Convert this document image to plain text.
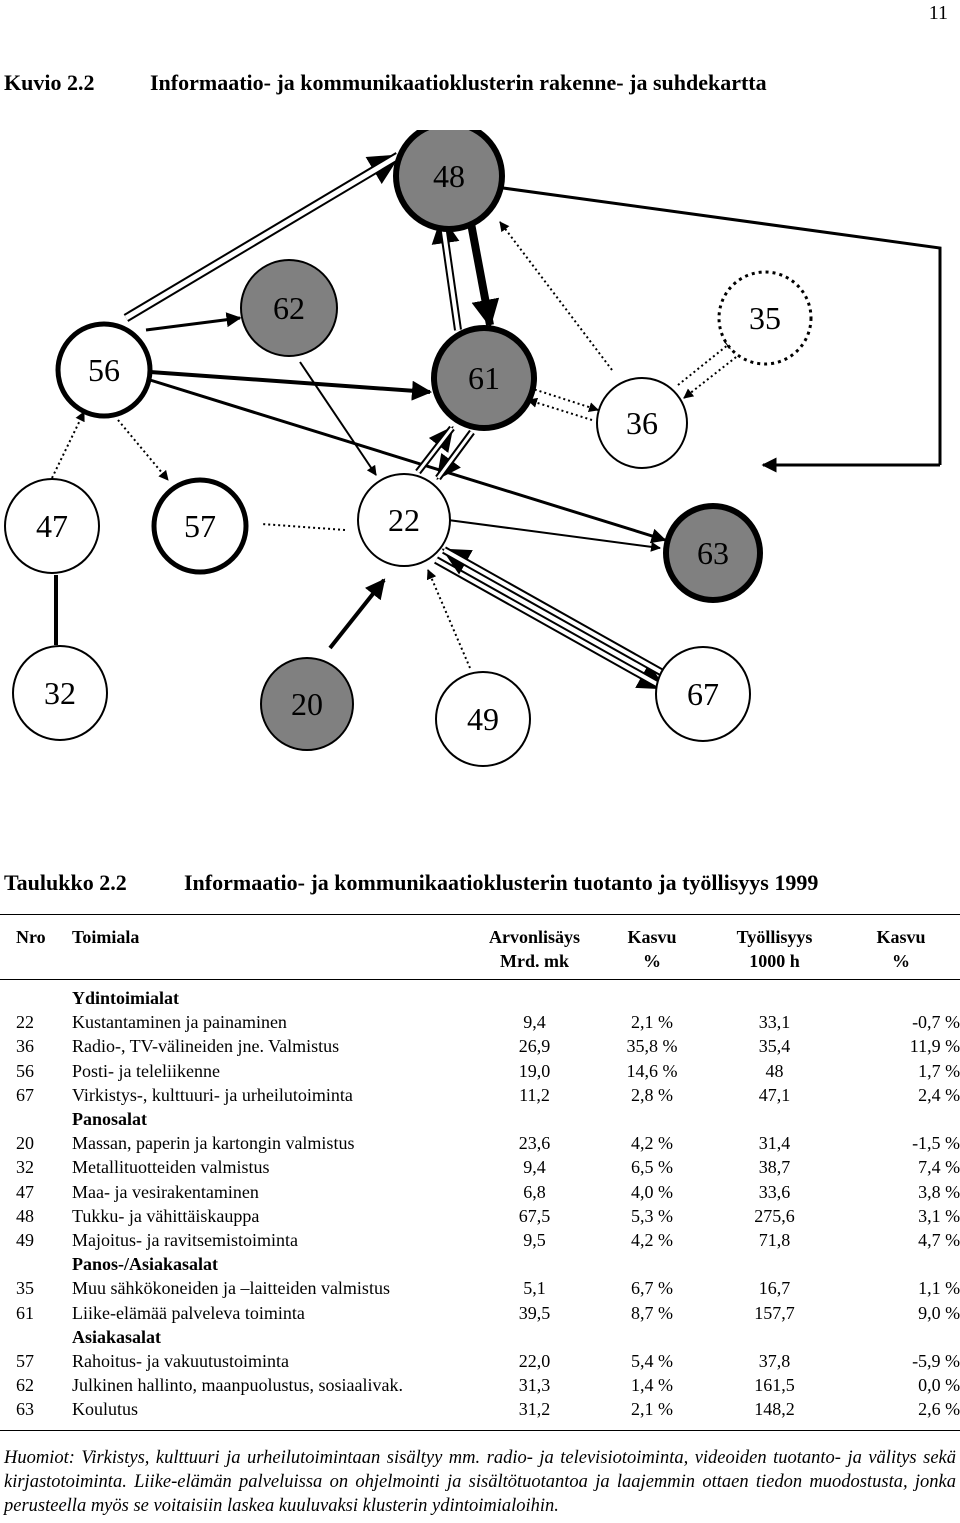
11
Kuvio 2.2	Informaatio- ja kommunikaatioklusterin rakenne- ja suhdekartta
48
62	35
56	61
36
47	57	22
63
32	20	49
67
Taulukko 2.2	Informaatio- ja kommunikaatioklusterin tuotanto ja työllisyys 1999
Nro	Toimiala	Arvonlisäys	Kasvu	Työllisyys	Kasvu
		Mrd. mk	%	1000 h	%
	Ydintoimialat				
22	Kustantaminen ja painaminen	9,4	2,1 %	33,1	-0,7 %
36	Radio-, TV-välineiden jne. Valmistus	26,9	35,8 %	35,4	11,9 %
56	Posti- ja teleliikenne	19,0	14,6 %	48	1,7 %
67	Virkistys-, kulttuuri- ja urheilutoiminta	11,2	2,8 %	47,1	2,4 %
	Panosalat				
20	Massan, paperin ja kartongin valmistus	23,6	4,2 %	31,4	-1,5 %
32	Metallituotteiden valmistus	9,4	6,5 %	38,7	7,4 %
47	Maa- ja vesirakentaminen	6,8	4,0 %	33,6	3,8 %
48	Tukku- ja vähittäiskauppa	67,5	5,3 %	275,6	3,1 %
49	Majoitus- ja ravitsemistoiminta	9,5	4,2 %	71,8	4,7 %
	Panos-/Asiakasalat				
35	Muu sähkökoneiden ja –laitteiden valmistus	5,1	6,7 %	16,7	1,1 %
61	Liike-elämää palveleva toiminta	39,5	8,7 %	157,7	9,0 %
	Asiakasalat				
57	Rahoitus- ja vakuutustoiminta	22,0	5,4 %	37,8	-5,9 %
62	Julkinen hallinto, maanpuolustus, sosiaalivak.	31,3	1,4 %	161,5	0,0 %
63	Koulutus	31,2	2,1 %	148,2	2,6 %
Huomiot: Virkistys, kulttuuri ja urheilutoimintaan sisältyy mm. radio- ja televisiotoiminta, videoiden tuotanto- ja välitys sekä kirjastotoiminta. Liike-elämän palveluissa on ohjelmointi ja sisältötuotantoa ja laajemmin ottaen tiedon muodostusta, jonka perusteella myös se voitaisiin laskea kuuluvaksi klusterin ydintoimialoihin.
